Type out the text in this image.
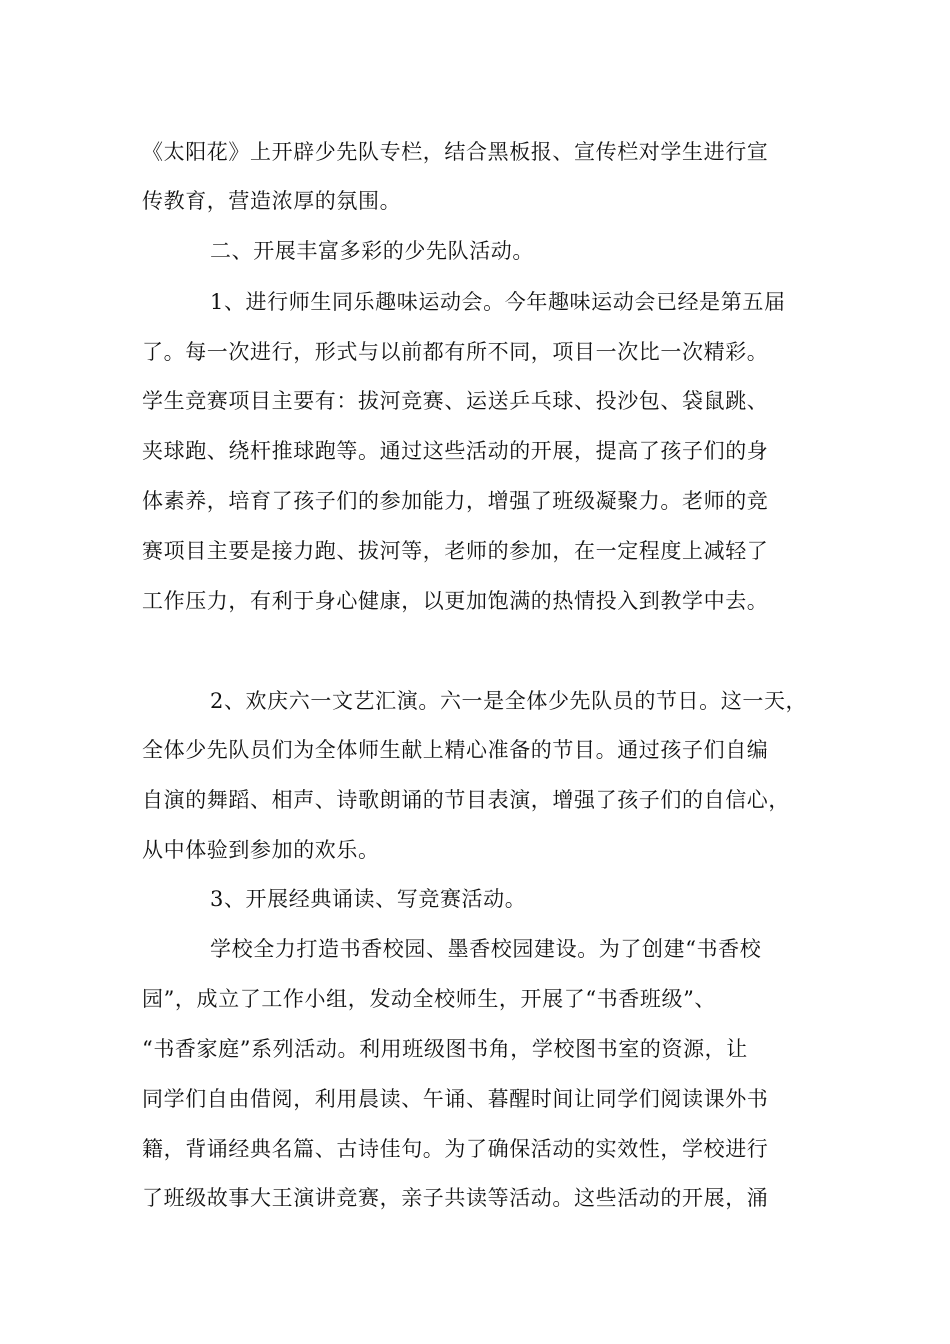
《太阳花》上开辟少先队专栏，结合黑板报、宣传栏对学生进行宣
传教育，营造浓厚的氛围。
二、开展丰富多彩的少先队活动。
1、进行师生同乐趣味运动会。今年趣味运动会已经是第五届
了。每一次进行，形式与以前都有所不同，项目一次比一次精彩。
学生竞赛项目主要有：拔河竞赛、运送乒乓球、投沙包、袋鼠跳、
夹球跑、绕杆推球跑等。通过这些活动的开展，提高了孩子们的身
体素养，培育了孩子们的参加能力，增强了班级凝聚力。老师的竞
赛项目主要是接力跑、拔河等，老师的参加，在一定程度上减轻了
工作压力，有利于身心健康，以更加饱满的热情投入到教学中去。
2、欢庆六一文艺汇演。六一是全体少先队员的节日。这一天，
全体少先队员们为全体师生献上精心准备的节目。通过孩子们自编
自演的舞蹈、相声、诗歌朗诵的节目表演，增强了孩子们的自信心，
从中体验到参加的欢乐。
3、开展经典诵读、写竞赛活动。
学校全力打造书香校园、墨香校园建设。为了创建“书香校
园”，成立了工作小组，发动全校师生，开展了“书香班级”、
“书香家庭”系列活动。利用班级图书角，学校图书室的资源，让
同学们自由借阅，利用晨读、午诵、暮醒时间让同学们阅读课外书
籍，背诵经典名篇、古诗佳句。为了确保活动的实效性，学校进行
了班级故事大王演讲竞赛，亲子共读等活动。这些活动的开展，涌
